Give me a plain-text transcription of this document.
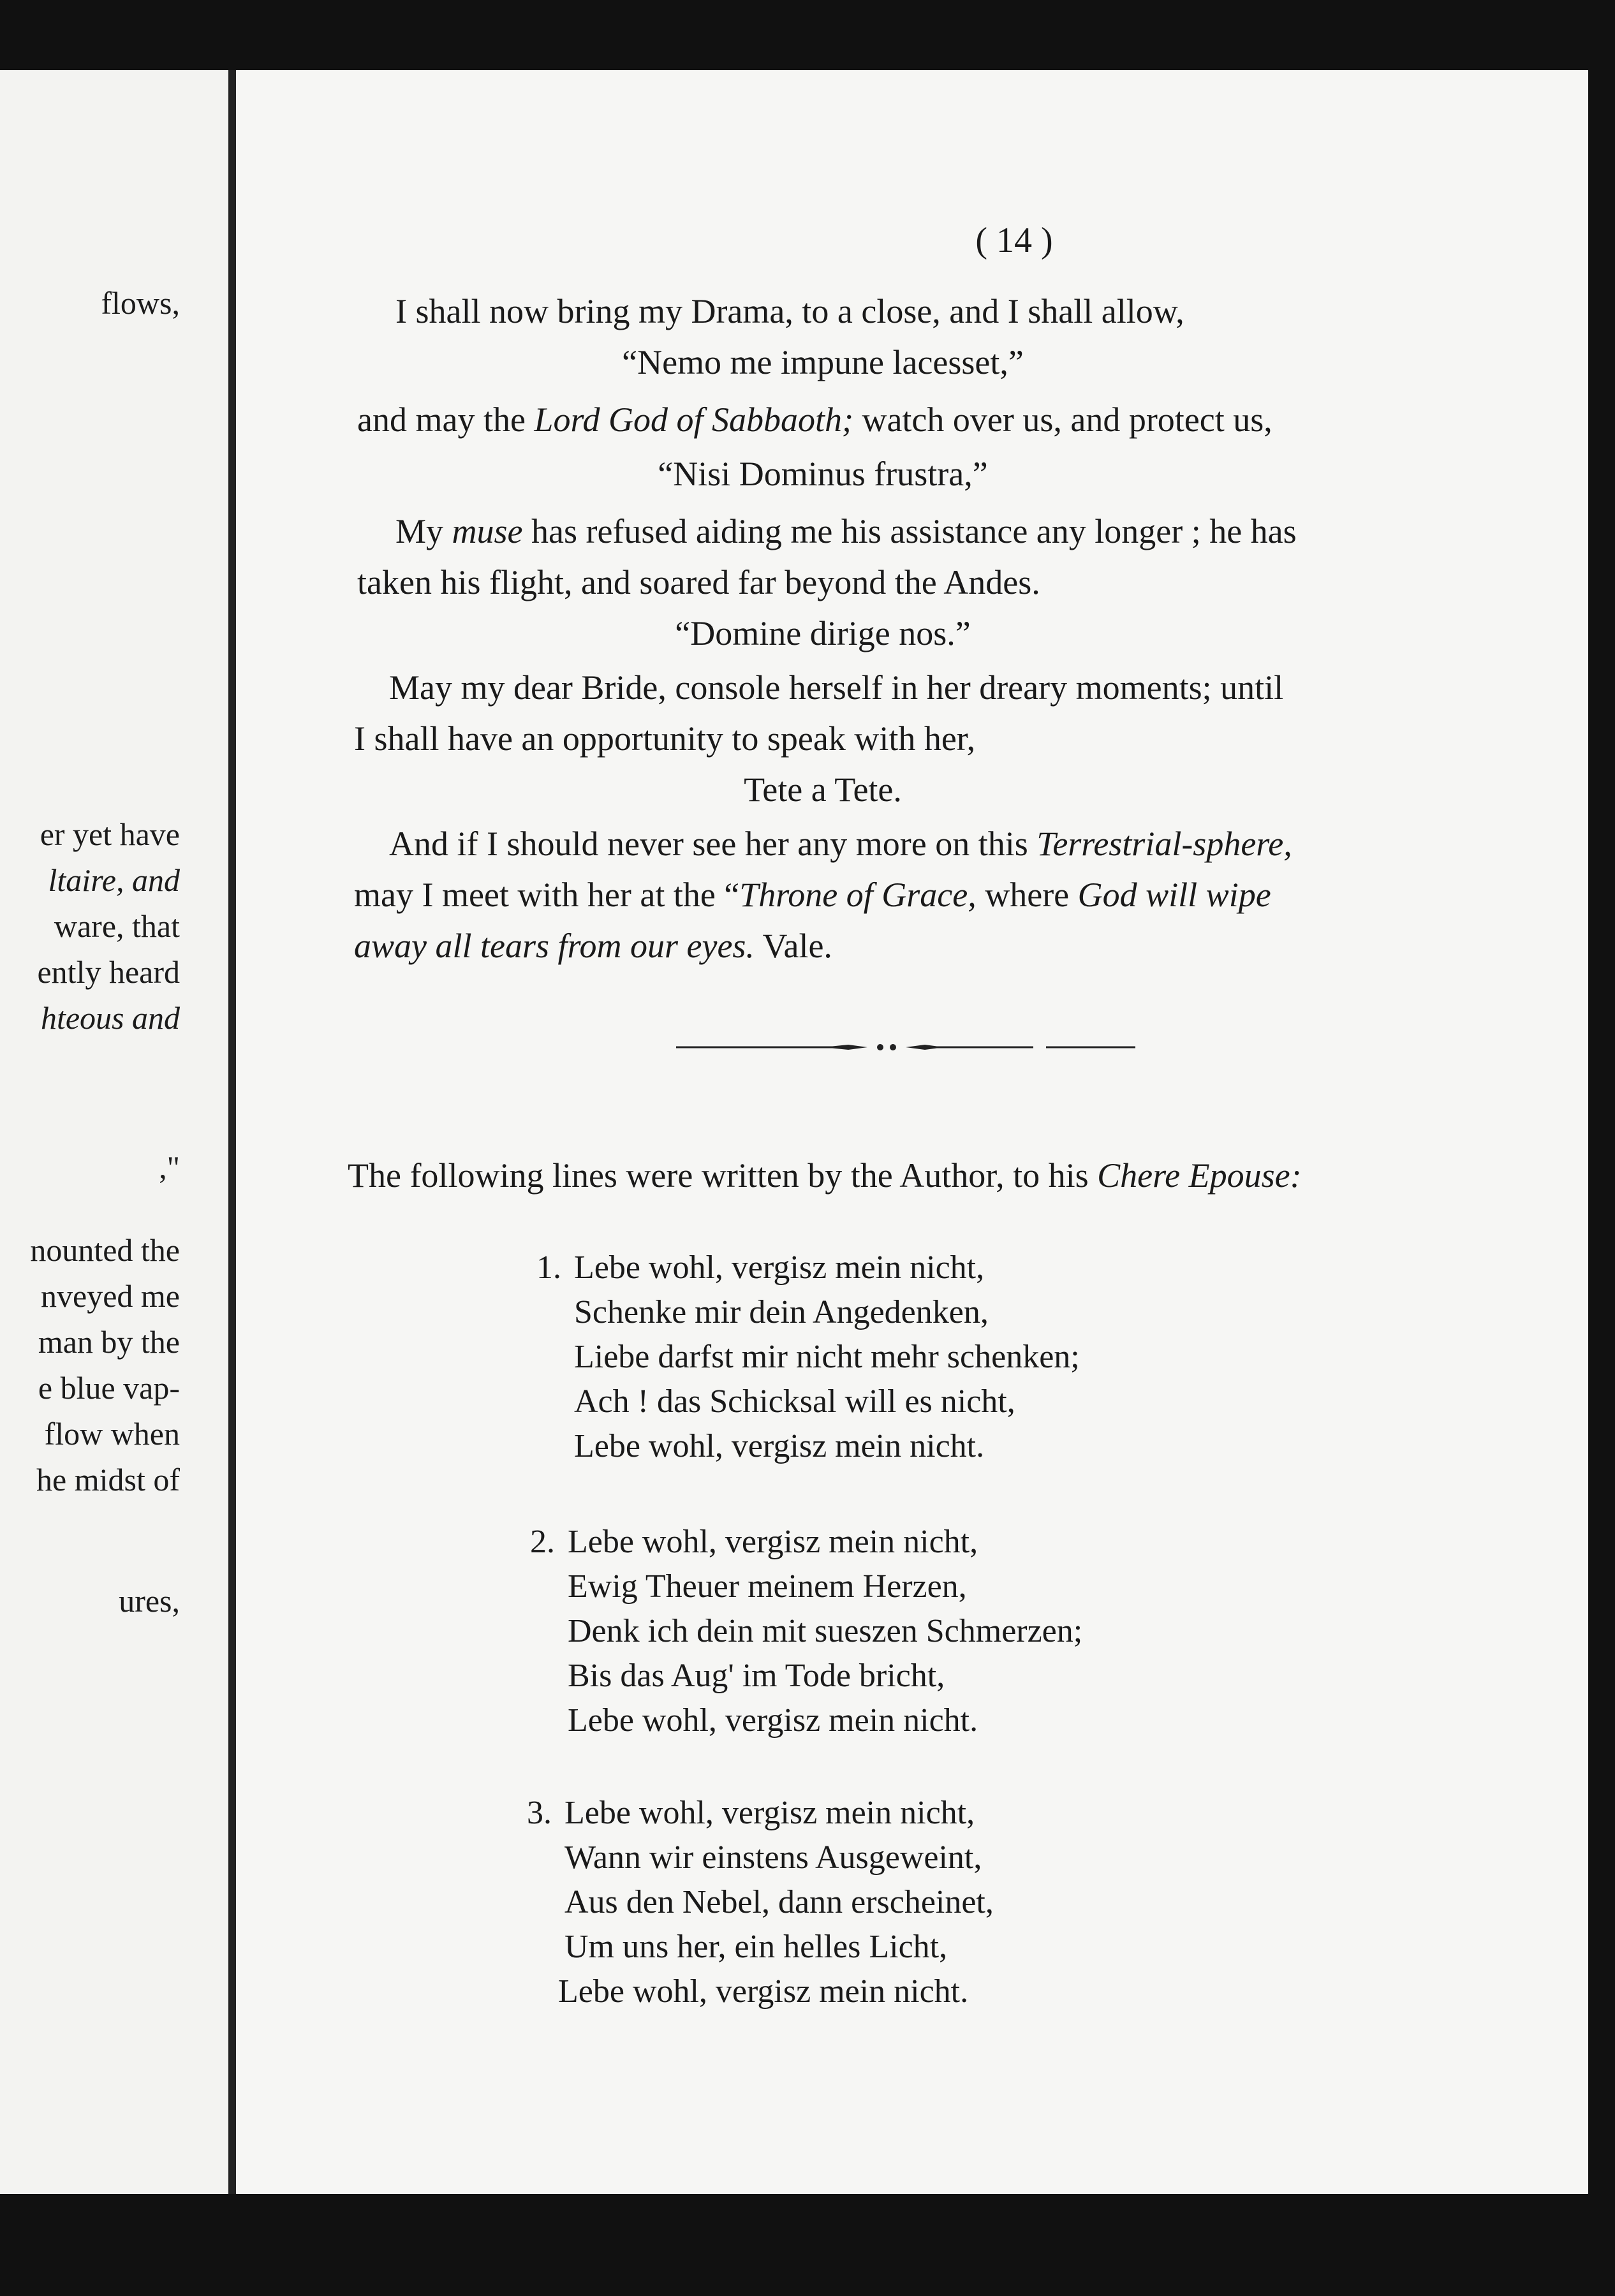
flows,
er yet have
ltaire, and
ware, that
ently heard
hteous and
,"
nounted the
nveyed me
man by the
e blue vap-
flow when
he midst of
ures,
( 14 )
I shall now bring my Drama, to a close, and I shall allow,
“Nemo me impune lacesset,”
and may the Lord God of Sabbaoth; watch over us, and protect us,
“Nisi Dominus frustra,”
My muse has refused aiding me his assistance any longer ; he has
taken his flight, and soared far beyond the Andes.
“Domine dirige nos.”
May my dear Bride, console herself in her dreary moments; until
I shall have an opportunity to speak with her,
Tete a Tete.
And if I should never see her any more on this Terrestrial-sphere,
may I meet with her at the “Throne of Grace, where God will wipe
away all tears from our eyes. Vale.
The following lines were written by the Author, to his Chere Epouse:
1. Lebe wohl, vergisz mein nicht,
Schenke mir dein Angedenken,
Liebe darfst mir nicht mehr schenken;
Ach ! das Schicksal will es nicht,
Lebe wohl, vergisz mein nicht.
2. Lebe wohl, vergisz mein nicht,
Ewig Theuer meinem Herzen,
Denk ich dein mit sueszen Schmerzen;
Bis das Aug' im Tode bricht,
Lebe wohl, vergisz mein nicht.
3. Lebe wohl, vergisz mein nicht,
Wann wir einstens Ausgeweint,
Aus den Nebel, dann erscheinet,
Um uns her, ein helles Licht,
Lebe wohl, vergisz mein nicht.
